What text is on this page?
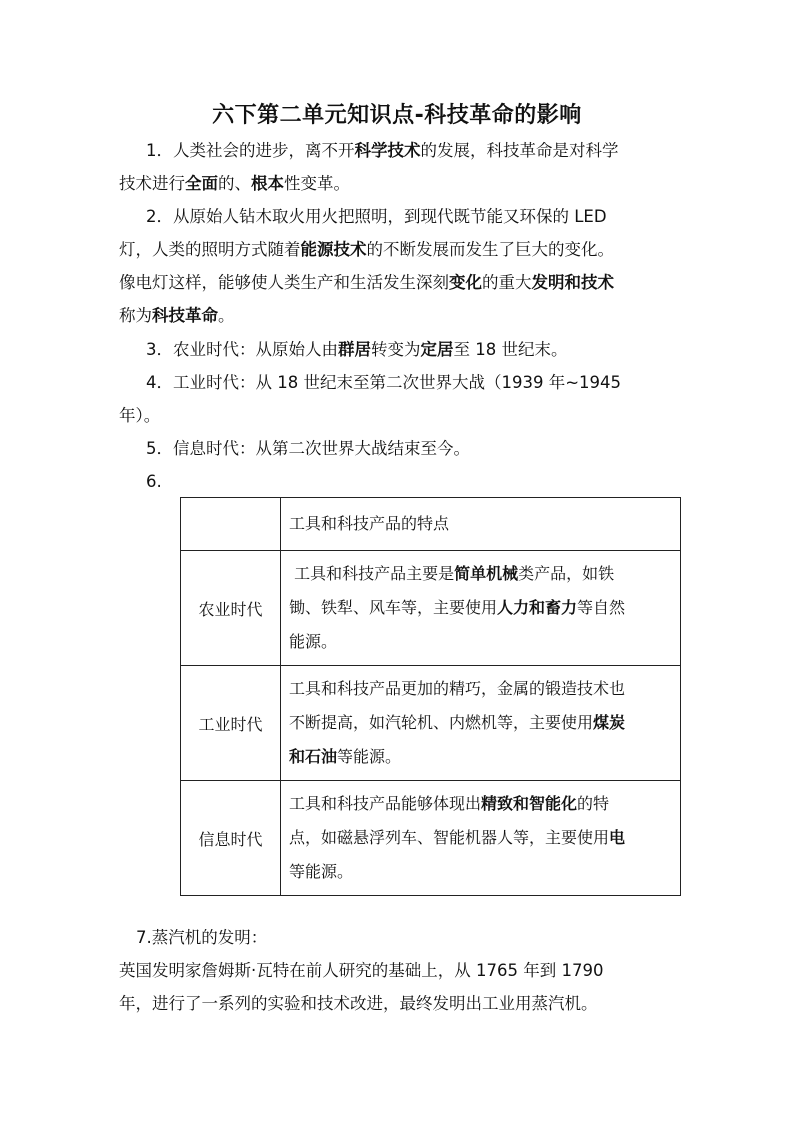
六下第二单元知识点-科技革命的影响
1．人类社会的进步，离不开科学技术的发展，科技革命是对科学
技术进行全面的、根本性变革。
2．从原始人钻木取火用火把照明，到现代既节能又环保的 LED
灯，人类的照明方式随着能源技术的不断发展而发生了巨大的变化。
像电灯这样，能够使人类生产和生活发生深刻变化的重大发明和技术
称为科技革命。
3．农业时代：从原始人由群居转变为定居至 18 世纪末。
4．工业时代：从 18 世纪末至第二次世界大战（1939 年~1945
年）。
5．信息时代：从第二次世界大战结束至今。
6.
	工具和科技产品的特点
农业时代	工具和科技产品主要是简单机械类产品，如铁
锄、铁犁、风车等，主要使用人力和畜力等自然
能源。
工业时代	工具和科技产品更加的精巧，金属的锻造技术也
不断提高，如汽轮机、内燃机等，主要使用煤炭
和石油等能源。
信息时代	工具和科技产品能够体现出精致和智能化的特
点，如磁悬浮列车、智能机器人等，主要使用电
等能源。
7.蒸汽机的发明：
英国发明家詹姆斯·瓦特在前人研究的基础上，从 1765 年到 1790
年，进行了一系列的实验和技术改进，最终发明出工业用蒸汽机。
